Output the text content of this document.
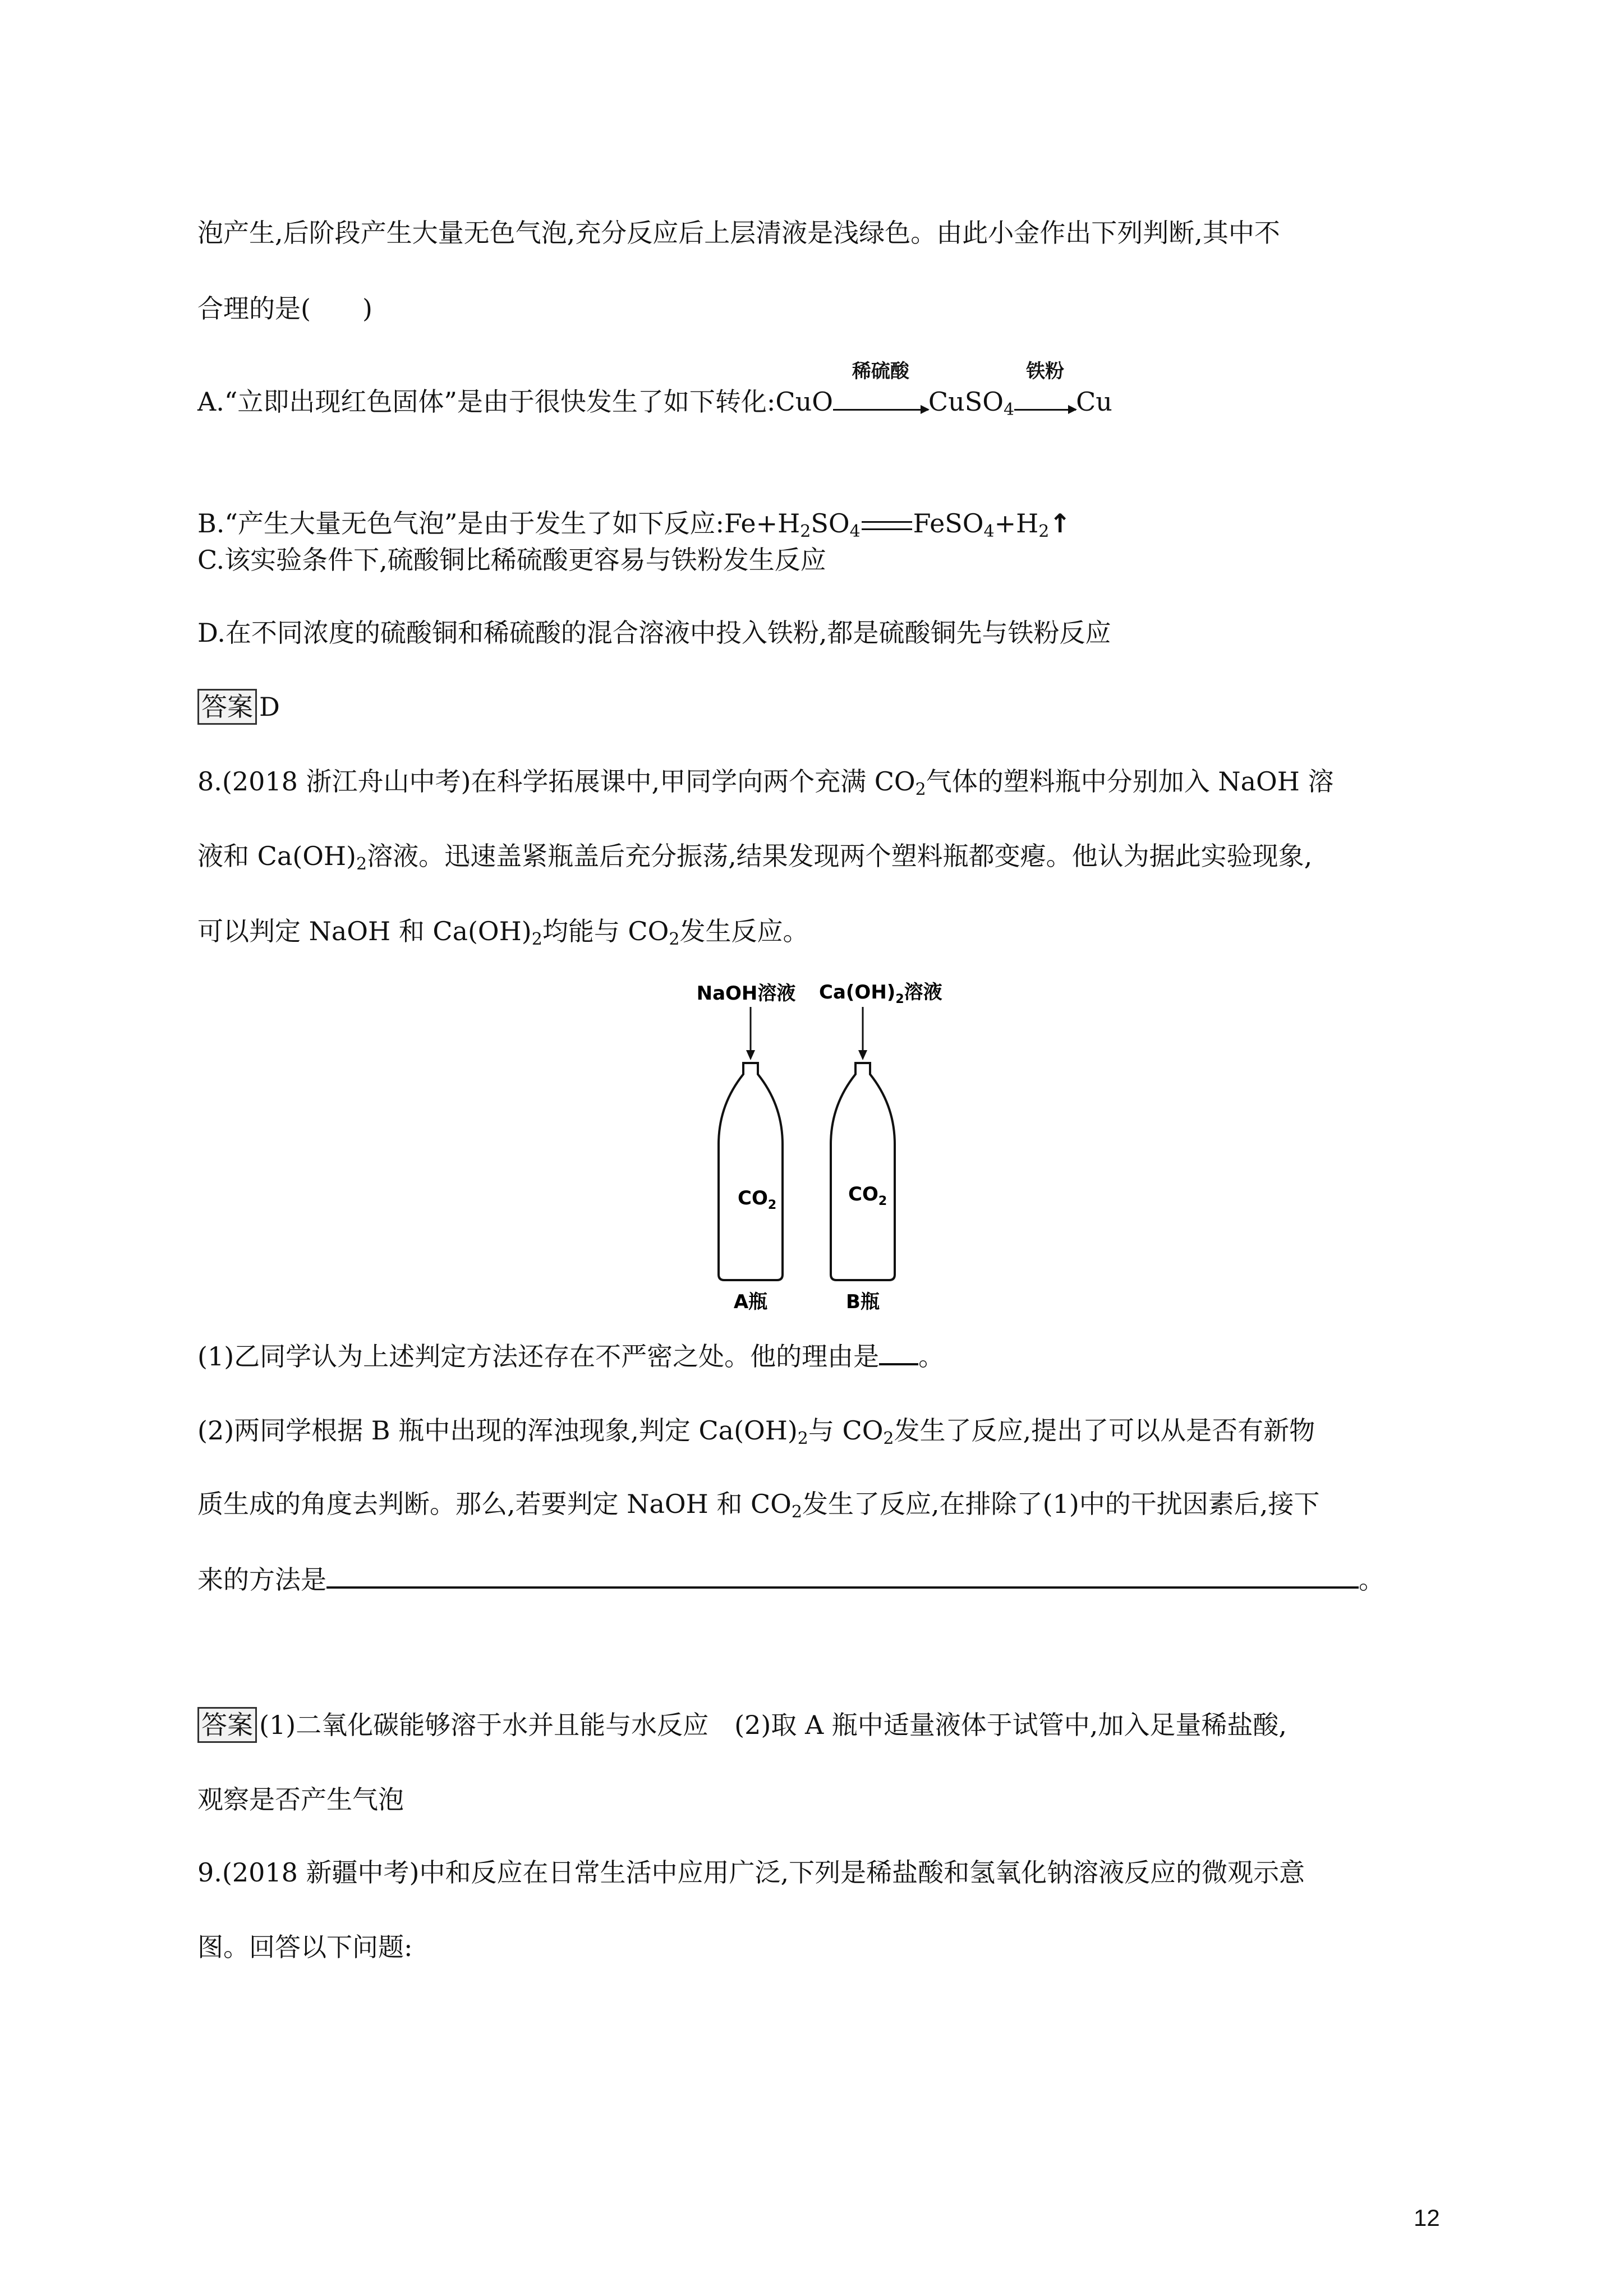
泡产生,后阶段产生大量无色气泡,充分反应后上层清液是浅绿色。由此小金作出下列判断,其中不
合理的是(　　)
A.“立即出现红色固体”是由于很快发生了如下转化:CuO
稀硫酸
CuSO$_4$
铁粉
Cu
B.“产生大量无色气泡”是由于发生了如下反应$:Fe+H_2SO_4$ $FeSO_4+H_2↑$
C.该实验条件下,硫酸铜比稀硫酸更容易与铁粉发生反应
D.在不同浓度的硫酸铜和稀硫酸的混合溶液中投入铁粉,都是硫酸铜先与铁粉反应
答案 D
8.(2018 浙江舟山中考)在科学拓展课中,甲同学向两个充满 $CO_2$气体的塑料瓶中分别加入 NaOH 溶
液和 $Ca(OH)_2$溶液。迅速盖紧瓶盖后充分振荡,结果发现两个塑料瓶都变瘪。他认为据此实验现象,
可以判定 NaOH 和 $Ca(OH)_2$均能与 $CO_2$发生反应。
NaOH溶液 $Ca(OH)_2$溶液
$CO_2$	$CO_2$
A瓶	B瓶
(1)乙同学认为上述判定方法还存在不严密之处。他的理由是 。
(2)两同学根据 B 瓶中出现的浑浊现象,判定 $Ca(OH)_2$与 $CO_2$发生了反应,提出了可以从是否有新物
质生成的角度去判断。那么,若要判定 NaOH 和 $CO_2$发生了反应,在排除了(1)中的干扰因素后,接下
来的方法是	。
答案 (1)二氧化碳能够溶于水并且能与水反应　(2)取 A 瓶中适量液体于试管中,加入足量稀盐酸,
观察是否产生气泡
9.(2018 新疆中考)中和反应在日常生活中应用广泛,下列是稀盐酸和氢氧化钠溶液反应的微观示意
图。回答以下问题:
12
